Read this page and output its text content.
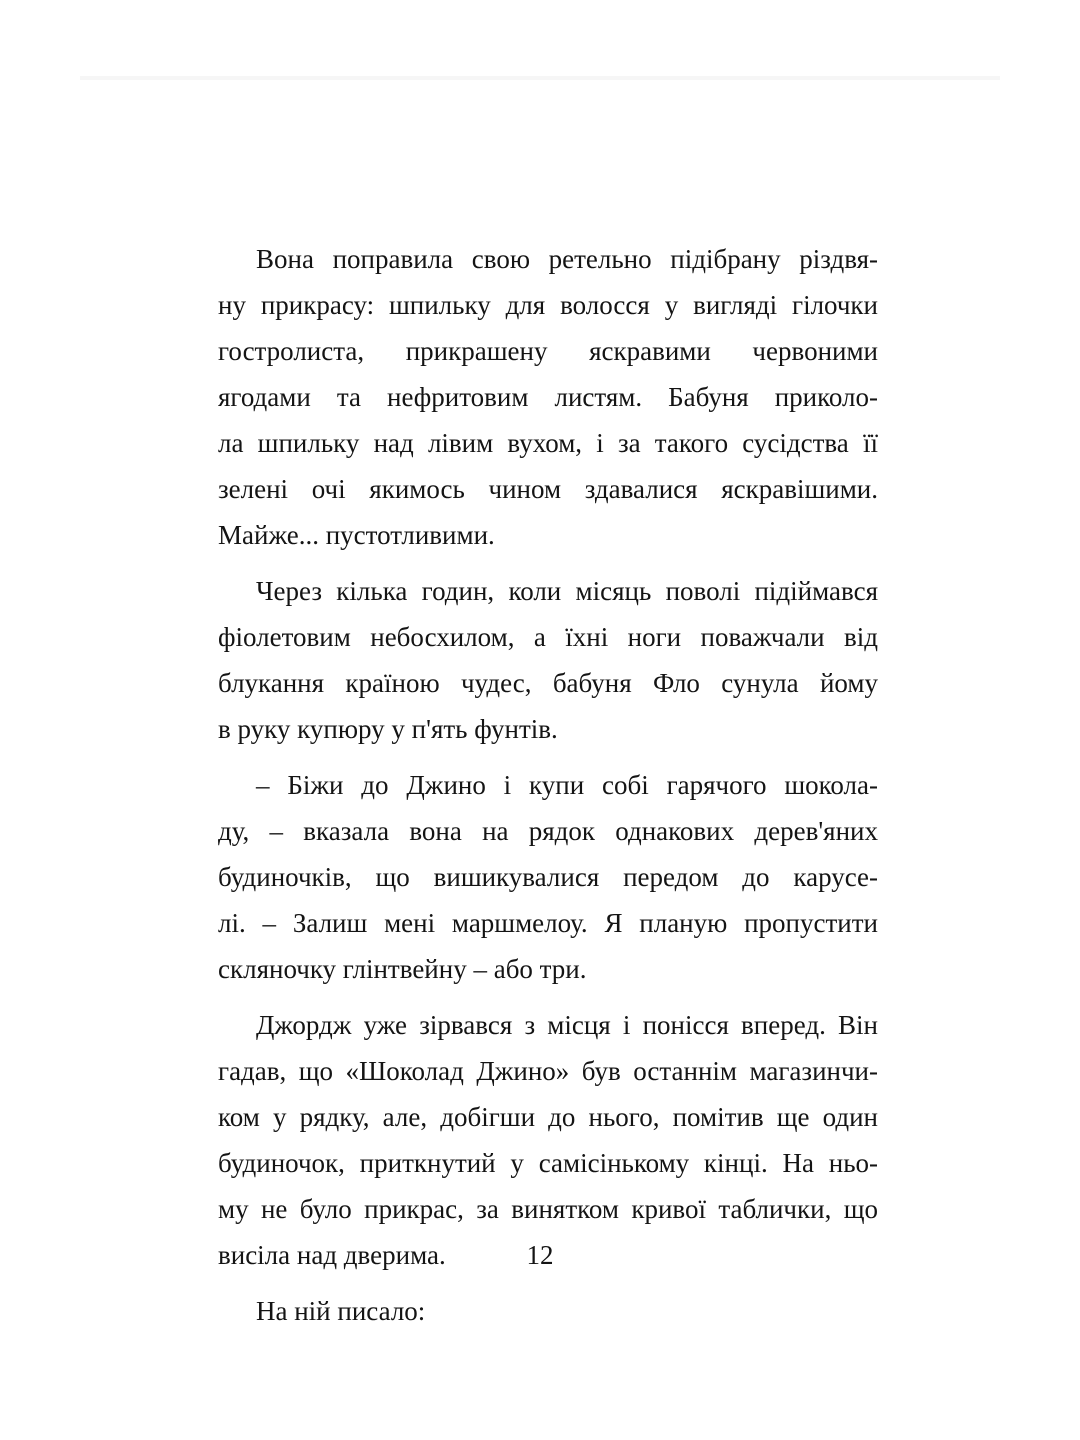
Вона поправила свою ретельно підібрану різдвя-
ну прикрасу: шпильку для волосся у вигляді гілочки
гостролиста, прикрашену яскравими червоними
ягодами та нефритовим листям. Бабуня приколо-
ла шпильку над лівим вухом, і за такого сусідства її
зелені очі якимось чином здавалися яскравішими.
Майже... пустотливими.

Через кілька годин, коли місяць поволі підіймався
фіолетовим небосхилом, а їхні ноги поважчали від
блукання країною чудес, бабуня Фло сунула йому
в руку купюру у п'ять фунтів.

– Біжи до Джино і купи собі гарячого шокола-
ду, – вказала вона на рядок однакових дерев'яних
будиночків, що вишикувалися передом до карусе-
лі. – Залиш мені маршмелоу. Я планую пропустити
скляночку глінтвейну – або три.

Джордж уже зірвався з місця і понісся вперед. Він
гадав, що «Шоколад Джино» був останнім магазинчи-
ком у рядку, але, добігши до нього, помітив ще один
будиночок, приткнутий у самісінькому кінці. На ньо-
му не було прикрас, за винятком кривої таблички, що
висіла над дверима.

На ній писало:

12
